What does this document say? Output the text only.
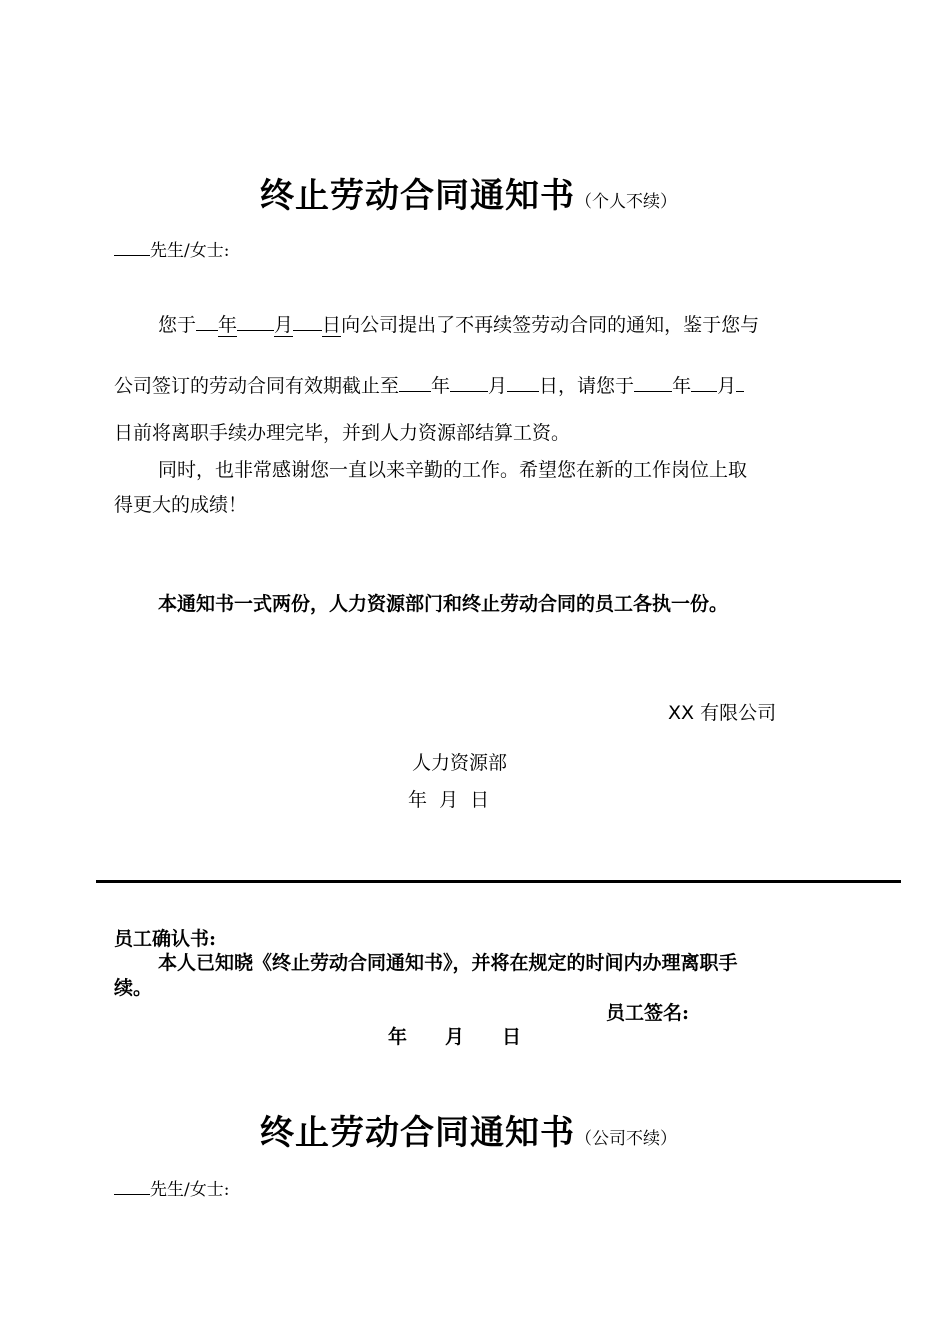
终止劳动合同通知书（个人不续）
先生/女士:
您于 年 月 日向公司提出了不再续签劳动合同的通知，鉴于您与
公司签订的劳动合同有效期截止至 年 月 日，请您于 年 月
日前将离职手续办理完毕，并到人力资源部结算工资。
同时，也非常感谢您一直以来辛勤的工作。希望您在新的工作岗位上取
得更大的成绩！
本通知书一式两份，人力资源部门和终止劳动合同的员工各执一份。
XX 有限公司
人力资源部
年  月  日
员工确认书:
本人已知晓《终止劳动合同通知书》，并将在规定的时间内办理离职手
续。
员工签名:
年 月 日
终止劳动合同通知书（公司不续）
先生/女士:
